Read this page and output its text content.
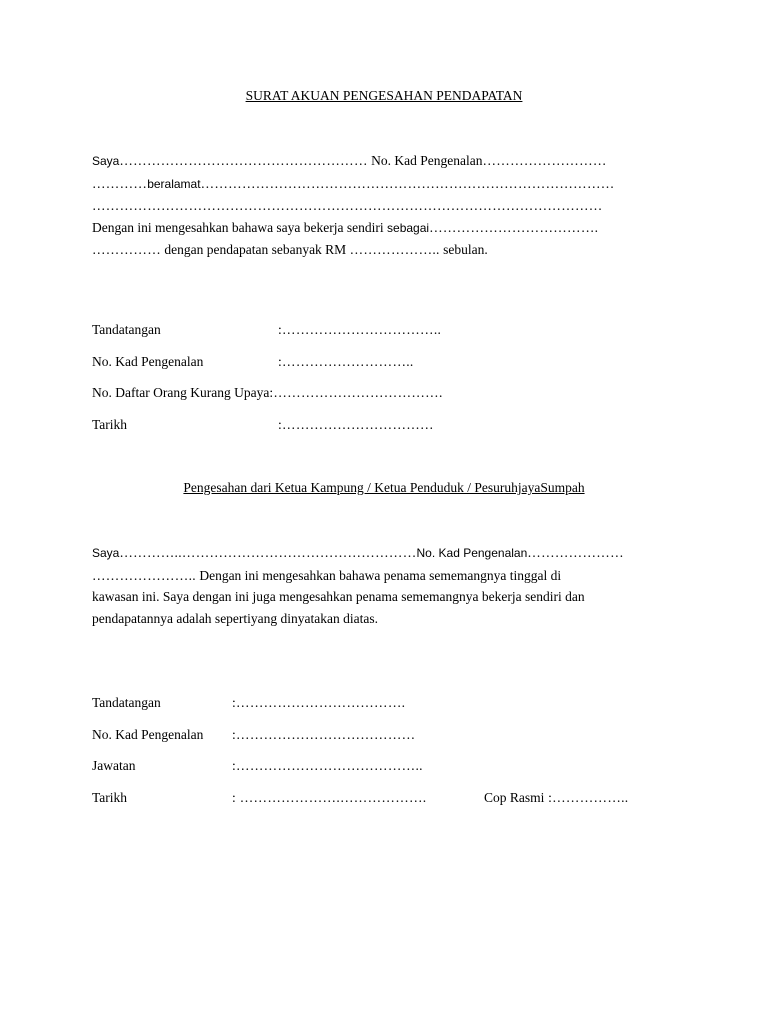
SURAT AKUAN PENGESAHAN PENDAPATAN
Saya……………………………………………… No. Kad Pengenalan………………………
…………beralamat………………………………………………………………………………
…………………………………………………………………………………………………
Dengan ini mengesahkan bahawa saya bekerja sendiri sebagai……………………………….
…………… dengan pendapatan sebanyak RM ……………….. sebulan.
Tandatangan	:……………………………..
No. Kad Pengenalan	:………………………..
No. Daftar Orang Kurang Upaya:……………………………….
Tarikh	:……………………………
Pengesahan dari Ketua Kampung / Ketua Penduduk / PesuruhjayaSumpah
Saya…………..……………………………………………No. Kad Pengenalan…………………
………………….. Dengan ini mengesahkan bahawa penama sememangnya tinggal di
kawasan ini. Saya dengan ini juga mengesahkan penama sememangnya bekerja sendiri dan
pendapatannya adalah sepertiyang dinyatakan diatas.
Tandatangan	:……………………………….
No. Kad Pengenalan :…………………………………
Jawatan	:…………………………………..
Tarikh	: ………………….……………….	Cop Rasmi :……………..
